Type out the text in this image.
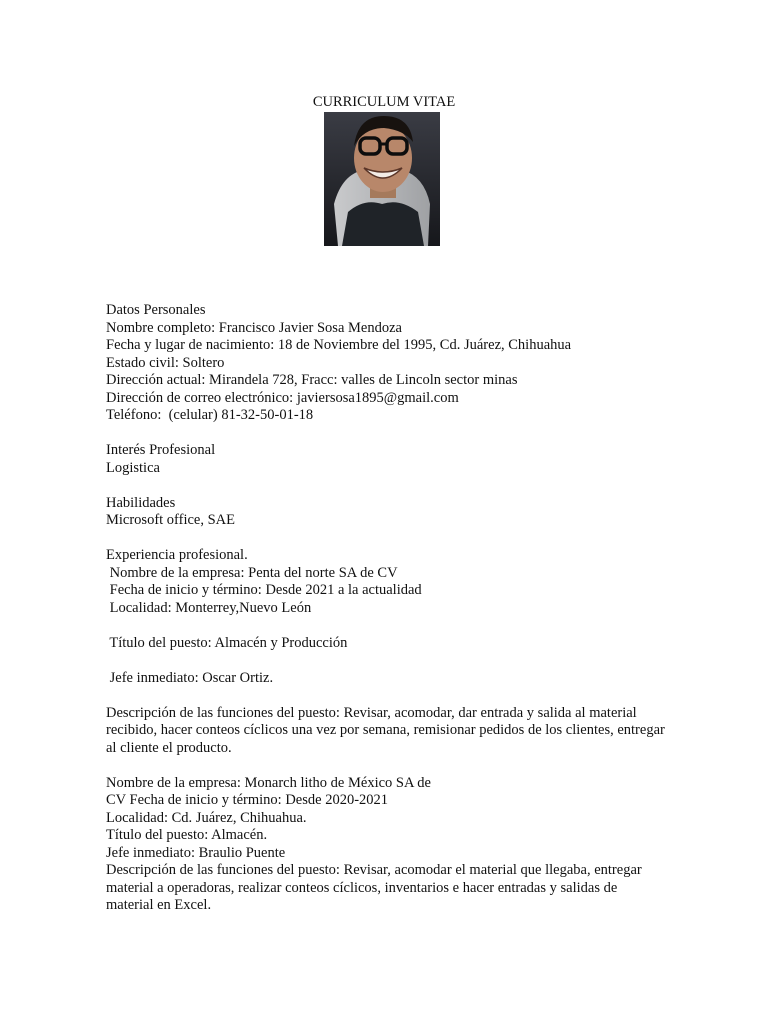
CURRICULUM VITAE
Datos Personales
Nombre completo: Francisco Javier Sosa Mendoza
Fecha y lugar de nacimiento: 18 de Noviembre del 1995, Cd. Juárez, Chihuahua
Estado civil: Soltero
Dirección actual: Mirandela 728, Fracc: valles de Lincoln sector minas
Dirección de correo electrónico: javiersosa1895@gmail.com
Teléfono:  (celular) 81-32-50-01-18
Interés Profesional
Logistica
Habilidades
Microsoft office, SAE
Experiencia profesional.
Nombre de la empresa: Penta del norte SA de CV
Fecha de inicio y término: Desde 2021 a la actualidad
Localidad: Monterrey,Nuevo León
Título del puesto: Almacén y Producción
Jefe inmediato: Oscar Ortiz.
Descripción de las funciones del puesto: Revisar, acomodar, dar entrada y salida al material recibido, hacer conteos cíclicos una vez por semana, remisionar pedidos de los clientes, entregar al cliente el producto.
Nombre de la empresa: Monarch litho de México SA de
CV Fecha de inicio y término: Desde 2020-2021
Localidad: Cd. Juárez, Chihuahua.
Título del puesto: Almacén.
Jefe inmediato: Braulio Puente
Descripción de las funciones del puesto: Revisar, acomodar el material que llegaba, entregar material a operadoras, realizar conteos cíclicos, inventarios e hacer entradas y salidas de material en Excel.
